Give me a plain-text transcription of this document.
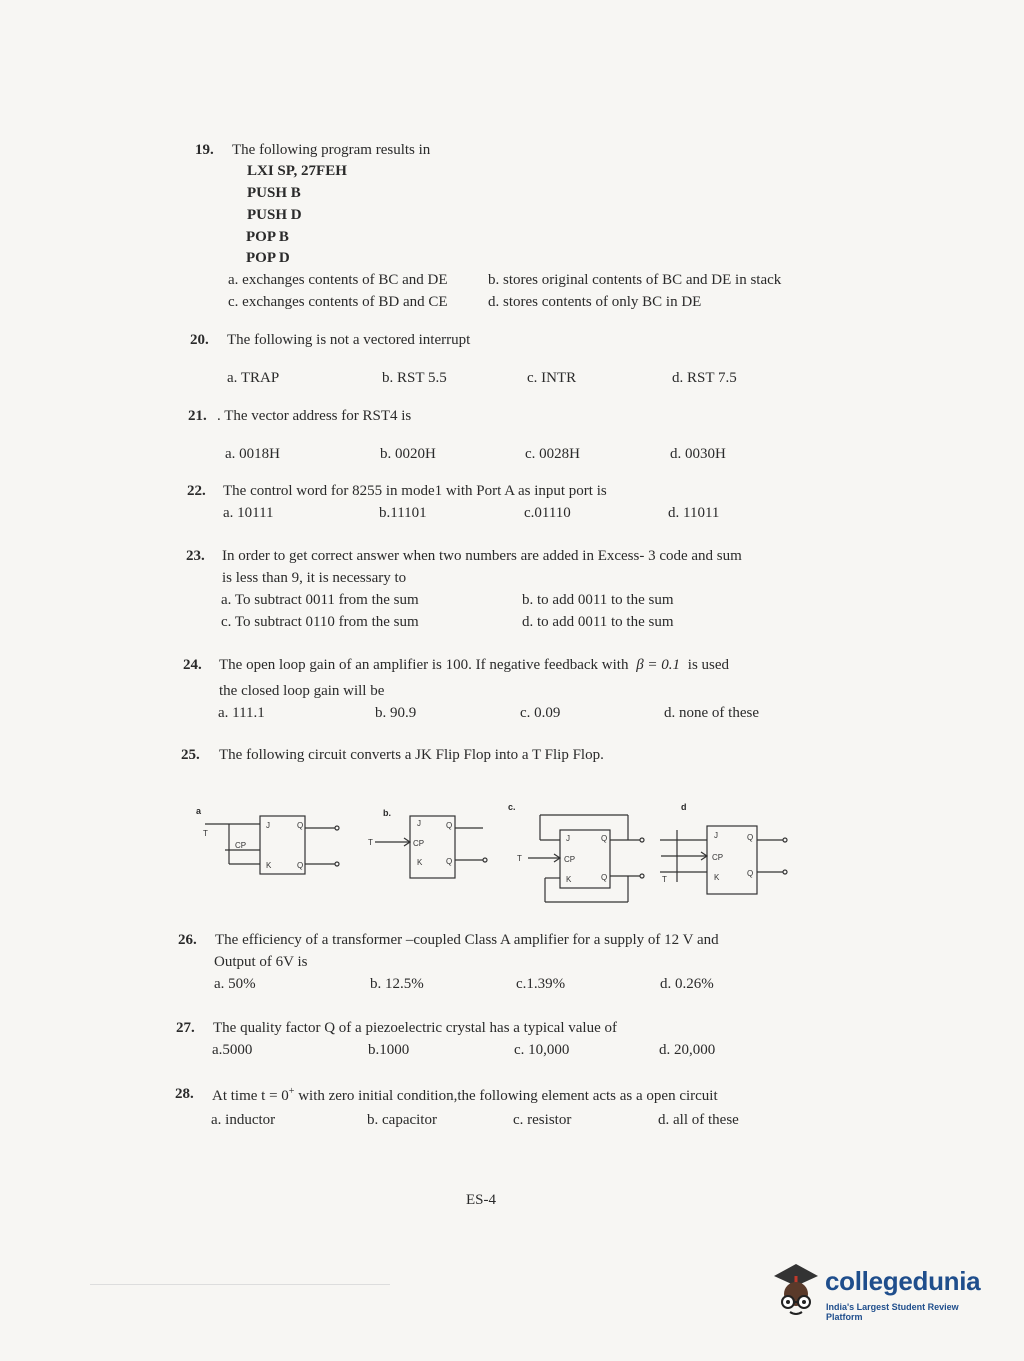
19. The following program results in
LXI SP, 27FEH
PUSH B
PUSH D
POP B
POP D
a. exchanges contents of BC and DE	b. stores original contents of BC and DE in stack
c. exchanges contents of BD and CE	d. stores contents of only BC in DE
20. The following is not a vectored interrupt
a. TRAP	b. RST 5.5	c. INTR	d. RST 7.5
21. . The vector address for RST4 is
a. 0018H	b. 0020H	c. 0028H	d. 0030H
22. The control word for 8255 in mode1 with Port A as input port is
a. 10111	b.11101	c.01110	d. 11011
23. In order to get correct answer when two numbers are added in Excess- 3 code and sum
is less than 9, it is necessary to
a. To subtract 0011 from the sum	b. to add 0011 to the sum
c. To subtract 0110 from the sum	d. to add 0011 to the sum
24. The open loop gain of an amplifier is 100. If negative feedback with β = 0.1 is used
the closed loop gain will be
a. 111.1	b. 90.9	c. 0.09	d. none of these
25. The following circuit converts a JK Flip Flop into a T Flip Flop.
a	b.
c.	d
T
CP
J	Q
K	Q
T
J
CP
K
Q
Q	T
J
CP
K
Q
Q	T
J
CP
K
Q
Q
26. The efficiency of a transformer –coupled Class A amplifier for a supply of 12 V and
Output of 6V is
a. 50%	b. 12.5%	c.1.39%	d. 0.26%
27. The quality factor Q of a piezoelectric crystal has a typical value of
a.5000	b.1000	c. 10,000	d. 20,000
28. At time t = 0+ with zero initial condition,the following element acts as a open circuit
a. inductor	b. capacitor	c. resistor	d. all of these
ES-4
collegedunia
India's Largest Student Review Platform
